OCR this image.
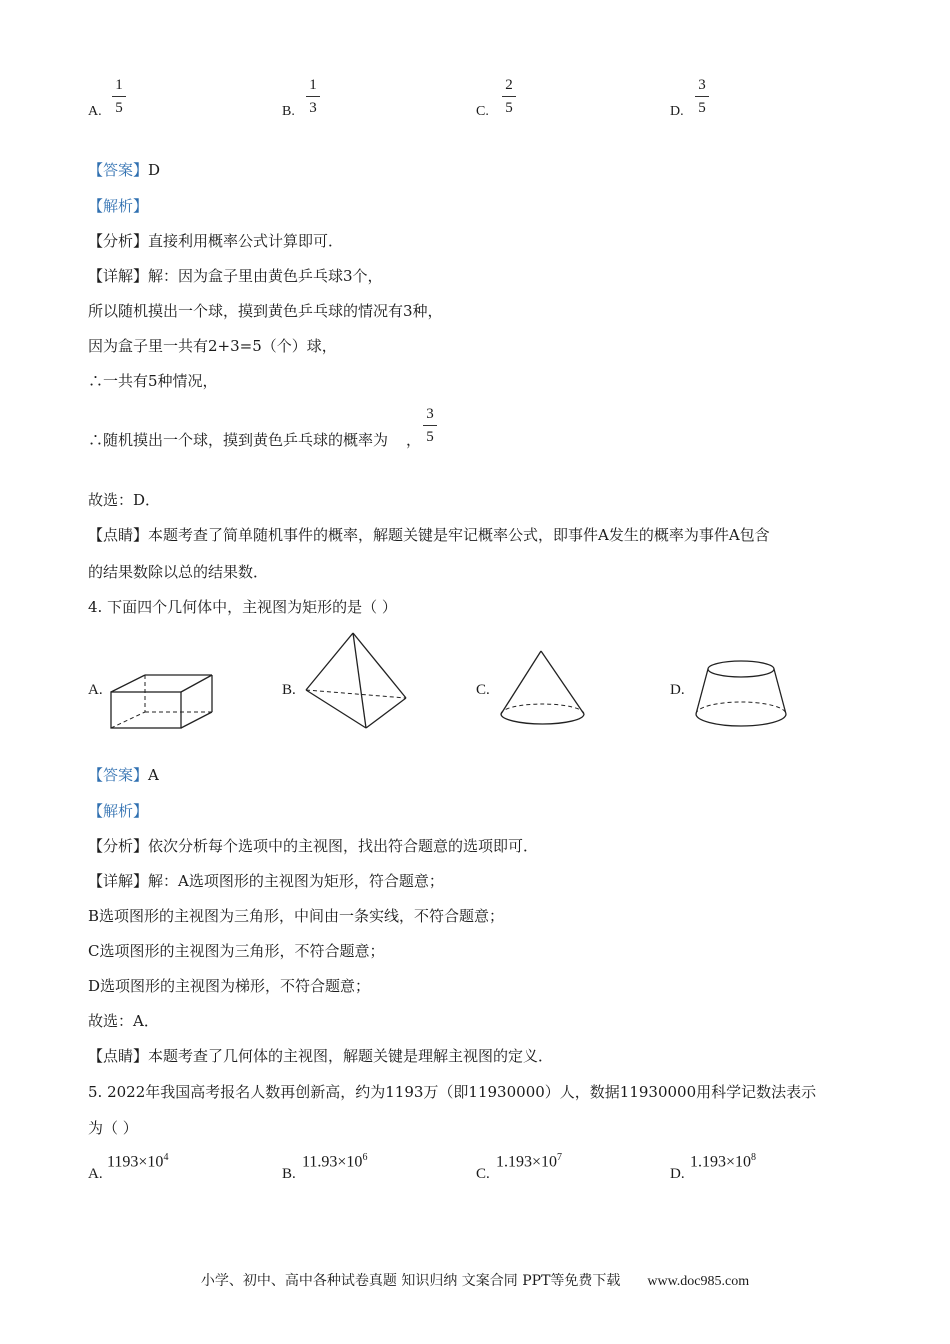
A.
1
5	B.
1
3	C.
2
5	D.
3
5
【答案】D
【解析】
【分析】直接利用概率公式计算即可．
【详解】解：因为盒子里由黄色乒乓球3个，
所以随机摸出一个球，摸到黄色乒乓球的情况有3种，
因为盒子里一共有2+3=5（个）球，
∴一共有5种情况，
∴随机摸出一个球，摸到黄色乒乓球的概率为 ，
3
5
故选：D．
【点睛】本题考查了简单随机事件的概率，解题关键是牢记概率公式，即事件A发生的概率为事件A包含
的结果数除以总的结果数．
4. 下面四个几何体中，主视图为矩形的是（ ）
A.	B.	C.	D.
【答案】A
【解析】
【分析】依次分析每个选项中的主视图，找出符合题意的选项即可．
【详解】解：A选项图形的主视图为矩形，符合题意；
B选项图形的主视图为三角形，中间由一条实线，不符合题意；
C选项图形的主视图为三角形，不符合题意；
D选项图形的主视图为梯形，不符合题意；
故选：A．
【点睛】本题考查了几何体的主视图，解题关键是理解主视图的定义．
5. 2022年我国高考报名人数再创新高，约为1193万（即11930000）人，数据11930000用科学记数法表示
为（ ）
A.
$1193\times 10^4$
B.
$11.93\times 10^6$
C.
$1.193\times 10^7$
D.
$1.193\times 10^8$
小学、初中、高中各种试卷真题 知识归纳 文案合同 PPT等免费下载 www.doc985.com
